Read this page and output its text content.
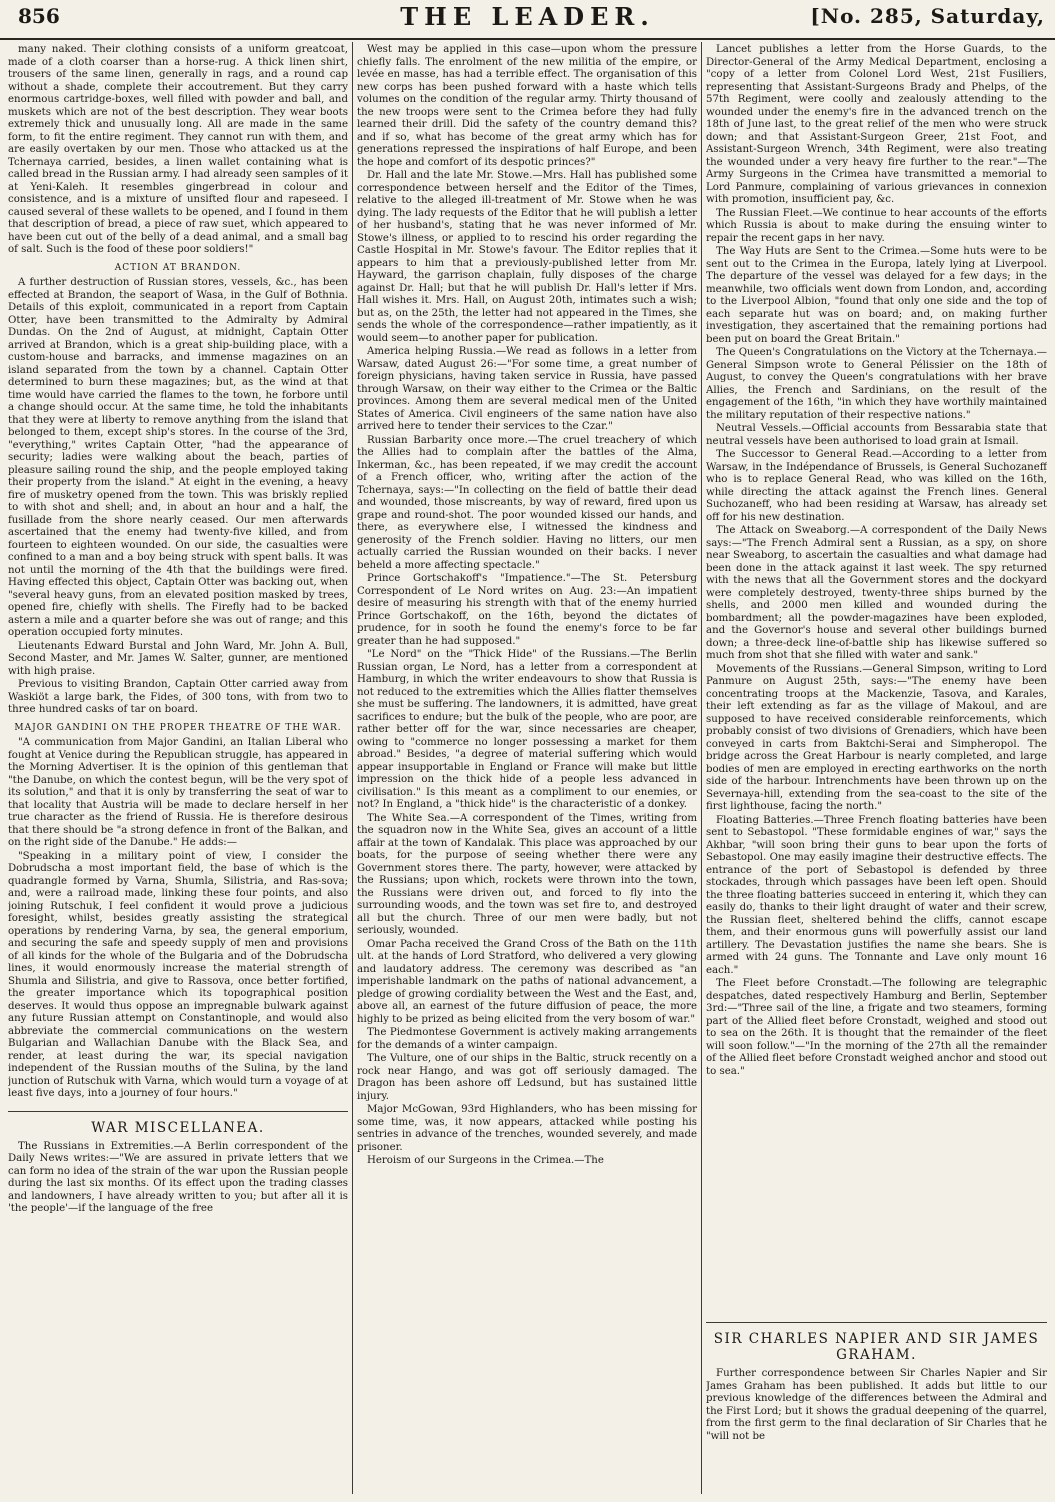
856	THE LEADER.	[No. 285, Saturday,

many naked. Their clothing consists of a uniform greatcoat, made of a cloth coarser than a horse-rug. A thick linen shirt, trousers of the same linen, generally in rags, and a round cap without a shade, complete their accoutrement. But they carry enormous cartridge-boxes, well filled with powder and ball, and muskets which are not of the best description. They wear boots extremely thick and unusually long. All are made in the same form, to fit the entire regiment. They cannot run with them, and are easily overtaken by our men. Those who attacked us at the Tchernaya carried, besides, a linen wallet containing what is called bread in the Russian army. I had already seen samples of it at Yeni-Kaleh. It resembles gingerbread in colour and consistence, and is a mixture of unsifted flour and rapeseed. I caused several of these wallets to be opened, and I found in them that description of bread, a piece of raw suet, which appeared to have been cut out of the belly of a dead animal, and a small bag of salt. Such is the food of these poor soldiers!"

ACTION AT BRANDON.

A further destruction of Russian stores, vessels, &c., has been effected at Brandon, the seaport of Wasa, in the Gulf of Bothnia. Details of this exploit, communicated in a report from Captain Otter, have been transmitted to the Admiralty by Admiral Dundas. On the 2nd of August, at midnight, Captain Otter arrived at Brandon, which is a great ship-building place, with a custom-house and barracks, and immense magazines on an island separated from the town by a channel. Captain Otter determined to burn these magazines; but, as the wind at that time would have carried the flames to the town, he forbore until a change should occur. At the same time, he told the inhabitants that they were at liberty to remove anything from the island that belonged to them, except ship's stores. In the course of the 3rd, "everything," writes Captain Otter, "had the appearance of security; ladies were walking about the beach, parties of pleasure sailing round the ship, and the people employed taking their property from the island." At eight in the evening, a heavy fire of musketry opened from the town. This was briskly replied to with shot and shell; and, in about an hour and a half, the fusillade from the shore nearly ceased. Our men afterwards ascertained that the enemy had twenty-five killed, and from fourteen to eighteen wounded. On our side, the casualties were confined to a man and a boy being struck with spent balls. It was not until the morning of the 4th that the buildings were fired. Having effected this object, Captain Otter was backing out, when "several heavy guns, from an elevated position masked by trees, opened fire, chiefly with shells. The Firefly had to be backed astern a mile and a quarter before she was out of range; and this operation occupied forty minutes.

Lieutenants Edward Burstal and John Ward, Mr. John A. Bull, Second Master, and Mr. James W. Salter, gunner, are mentioned with high praise.

Previous to visiting Brandon, Captain Otter carried away from Waskiöt a large bark, the Fides, of 300 tons, with from two to three hundred casks of tar on board.

MAJOR GANDINI ON THE PROPER THEATRE OF THE WAR.

"A communication from Major Gandini, an Italian Liberal who fought at Venice during the Republican struggle, has appeared in the Morning Advertiser. It is the opinion of this gentleman that "the Danube, on which the contest begun, will be the very spot of its solution," and that it is only by transferring the seat of war to that locality that Austria will be made to declare herself in her true character as the friend of Russia. He is therefore desirous that there should be "a strong defence in front of the Balkan, and on the right side of the Danube." He adds:—

"Speaking in a military point of view, I consider the Dobrudscha a most important field, the base of which is the quadrangle formed by Varna, Shumla, Silistria, and Ras-sova; and, were a railroad made, linking these four points, and also joining Rutschuk, I feel confident it would prove a judicious foresight, whilst, besides greatly assisting the strategical operations by rendering Varna, by sea, the general emporium, and securing the safe and speedy supply of men and provisions of all kinds for the whole of the Bulgaria and of the Dobrudscha lines, it would enormously increase the material strength of Shumla and Silistria, and give to Rassova, once better fortified, the greater importance which its topographical position deserves. It would thus oppose an impregnable bulwark against any future Russian attempt on Constantinople, and would also abbreviate the commercial communications on the western Bulgarian and Wallachian Danube with the Black Sea, and render, at least during the war, its special navigation independent of the Russian mouths of the Sulina, by the land junction of Rutschuk with Varna, which would turn a voyage of at least five days, into a journey of four hours."

WAR MISCELLANEA.

The Russians in Extremities.—A Berlin correspondent of the Daily News writes:—"We are assured in private letters that we can form no idea of the strain of the war upon the Russian people during the last six months. Of its effect upon the trading classes and landowners, I have already written to you; but after all it is 'the people'—if the language of the free

West may be applied in this case—upon whom the pressure chiefly falls. The enrolment of the new militia of the empire, or levée en masse, has had a terrible effect. The organisation of this new corps has been pushed forward with a haste which tells volumes on the condition of the regular army. Thirty thousand of the new troops were sent to the Crimea before they had fully learned their drill. Did the safety of the country demand this? and if so, what has become of the great army which has for generations repressed the inspirations of half Europe, and been the hope and comfort of its despotic princes?"

Dr. Hall and the late Mr. Stowe.—Mrs. Hall has published some correspondence between herself and the Editor of the Times, relative to the alleged ill-treatment of Mr. Stowe when he was dying. The lady requests of the Editor that he will publish a letter of her husband's, stating that he was never informed of Mr. Stowe's illness, or applied to to rescind his order regarding the Castle Hospital in Mr. Stowe's favour. The Editor replies that it appears to him that a previously-published letter from Mr. Hayward, the garrison chaplain, fully disposes of the charge against Dr. Hall; but that he will publish Dr. Hall's letter if Mrs. Hall wishes it. Mrs. Hall, on August 20th, intimates such a wish; but as, on the 25th, the letter had not appeared in the Times, she sends the whole of the correspondence—rather impatiently, as it would seem—to another paper for publication.

America helping Russia.—We read as follows in a letter from Warsaw, dated August 26:—"For some time, a great number of foreign physicians, having taken service in Russia, have passed through Warsaw, on their way either to the Crimea or the Baltic provinces. Among them are several medical men of the United States of America. Civil engineers of the same nation have also arrived here to tender their services to the Czar."

Russian Barbarity once more.—The cruel treachery of which the Allies had to complain after the battles of the Alma, Inkerman, &c., has been repeated, if we may credit the account of a French officer, who, writing after the action of the Tchernaya, says:—"In collecting on the field of battle their dead and wounded, those miscreants, by way of reward, fired upon us grape and round-shot. The poor wounded kissed our hands, and there, as everywhere else, I witnessed the kindness and generosity of the French soldier. Having no litters, our men actually carried the Russian wounded on their backs. I never beheld a more affecting spectacle."

Prince Gortschakoff's "Impatience."—The St. Petersburg Correspondent of Le Nord writes on Aug. 23:—An impatient desire of measuring his strength with that of the enemy hurried Prince Gortschakoff, on the 16th, beyond the dictates of prudence, for in sooth he found the enemy's force to be far greater than he had supposed."

"Le Nord" on the "Thick Hide" of the Russians.—The Berlin Russian organ, Le Nord, has a letter from a correspondent at Hamburg, in which the writer endeavours to show that Russia is not reduced to the extremities which the Allies flatter themselves she must be suffering. The landowners, it is admitted, have great sacrifices to endure; but the bulk of the people, who are poor, are rather better off for the war, since necessaries are cheaper, owing to "commerce no longer possessing a market for them abroad." Besides, "a degree of material suffering which would appear insupportable in England or France will make but little impression on the thick hide of a people less advanced in civilisation." Is this meant as a compliment to our enemies, or not? In England, a "thick hide" is the characteristic of a donkey.

The White Sea.—A correspondent of the Times, writing from the squadron now in the White Sea, gives an account of a little affair at the town of Kandalak. This place was approached by our boats, for the purpose of seeing whether there were any Government stores there. The party, however, were attacked by the Russians; upon which, rockets were thrown into the town, the Russians were driven out, and forced to fly into the surrounding woods, and the town was set fire to, and destroyed all but the church. Three of our men were badly, but not seriously, wounded.

Omar Pacha received the Grand Cross of the Bath on the 11th ult. at the hands of Lord Stratford, who delivered a very glowing and laudatory address. The ceremony was described as "an imperishable landmark on the paths of national advancement, a pledge of growing cordiality between the West and the East, and, above all, an earnest of the future diffusion of peace, the more highly to be prized as being elicited from the very bosom of war."

The Piedmontese Government is actively making arrangements for the demands of a winter campaign.

The Vulture, one of our ships in the Baltic, struck recently on a rock near Hango, and was got off seriously damaged. The Dragon has been ashore off Ledsund, but has sustained little injury.

Major McGowan, 93rd Highlanders, who has been missing for some time, was, it now appears, attacked while posting his sentries in advance of the trenches, wounded severely, and made prisoner.

Heroism of our Surgeons in the Crimea.—The

Lancet publishes a letter from the Horse Guards, to the Director-General of the Army Medical Department, enclosing a "copy of a letter from Colonel Lord West, 21st Fusiliers, representing that Assistant-Surgeons Brady and Phelps, of the 57th Regiment, were coolly and zealously attending to the wounded under the enemy's fire in the advanced trench on the 18th of June last, to the great relief of the men who were struck down; and that Assistant-Surgeon Greer, 21st Foot, and Assistant-Surgeon Wrench, 34th Regiment, were also treating the wounded under a very heavy fire further to the rear."—The Army Surgeons in the Crimea have transmitted a memorial to Lord Panmure, complaining of various grievances in connexion with promotion, insufficient pay, &c.

The Russian Fleet.—We continue to hear accounts of the efforts which Russia is about to make during the ensuing winter to repair the recent gaps in her navy.

The Way Huts are Sent to the Crimea.—Some huts were to be sent out to the Crimea in the Europa, lately lying at Liverpool. The departure of the vessel was delayed for a few days; in the meanwhile, two officials went down from London, and, according to the Liverpool Albion, "found that only one side and the top of each separate hut was on board; and, on making further investigation, they ascertained that the remaining portions had been put on board the Great Britain."

The Queen's Congratulations on the Victory at the Tchernaya.—General Simpson wrote to General Pélissier on the 18th of August, to convey the Queen's congratulations with her brave Allies, the French and Sardinians, on the result of the engagement of the 16th, "in which they have worthily maintained the military reputation of their respective nations."

Neutral Vessels.—Official accounts from Bessarabia state that neutral vessels have been authorised to load grain at Ismail.

The Successor to General Read.—According to a letter from Warsaw, in the Indépendance of Brussels, is General Suchozaneff who is to replace General Read, who was killed on the 16th, while directing the attack against the French lines. General Suchozaneff, who had been residing at Warsaw, has already set off for his new destination.

The Attack on Sweaborg.—A correspondent of the Daily News says:—"The French Admiral sent a Russian, as a spy, on shore near Sweaborg, to ascertain the casualties and what damage had been done in the attack against it last week. The spy returned with the news that all the Government stores and the dockyard were completely destroyed, twenty-three ships burned by the shells, and 2000 men killed and wounded during the bombardment; all the powder-magazines have been exploded, and the Governor's house and several other buildings burned down; a three-deck line-of-battle ship has likewise suffered so much from shot that she filled with water and sank."

Movements of the Russians.—General Simpson, writing to Lord Panmure on August 25th, says:—"The enemy have been concentrating troops at the Mackenzie, Tasova, and Karales, their left extending as far as the village of Makoul, and are supposed to have received considerable reinforcements, which probably consist of two divisions of Grenadiers, which have been conveyed in carts from Baktchi-Serai and Simpheropol. The bridge across the Great Harbour is nearly completed, and large bodies of men are employed in erecting earthworks on the north side of the harbour. Intrenchments have been thrown up on the Severnaya-hill, extending from the sea-coast to the site of the first lighthouse, facing the north."

Floating Batteries.—Three French floating batteries have been sent to Sebastopol. "These formidable engines of war," says the Akhbar, "will soon bring their guns to bear upon the forts of Sebastopol. One may easily imagine their destructive effects. The entrance of the port of Sebastopol is defended by three stockades, through which passages have been left open. Should the three floating batteries succeed in entering it, which they can easily do, thanks to their light draught of water and their screw, the Russian fleet, sheltered behind the cliffs, cannot escape them, and their enormous guns will powerfully assist our land artillery. The Devastation justifies the name she bears. She is armed with 24 guns. The Tonnante and Lave only mount 16 each."

The Fleet before Cronstadt.—The following are telegraphic despatches, dated respectively Hamburg and Berlin, September 3rd:—"Three sail of the line, a frigate and two steamers, forming part of the Allied fleet before Cronstadt, weighed and stood out to sea on the 26th. It is thought that the remainder of the fleet will soon follow."—"In the morning of the 27th all the remainder of the Allied fleet before Cronstadt weighed anchor and stood out to sea."

SIR CHARLES NAPIER AND SIR JAMES GRAHAM.

Further correspondence between Sir Charles Napier and Sir James Graham has been published. It adds but little to our previous knowledge of the differences between the Admiral and the First Lord; but it shows the gradual deepening of the quarrel, from the first germ to the final declaration of Sir Charles that he "will not be
